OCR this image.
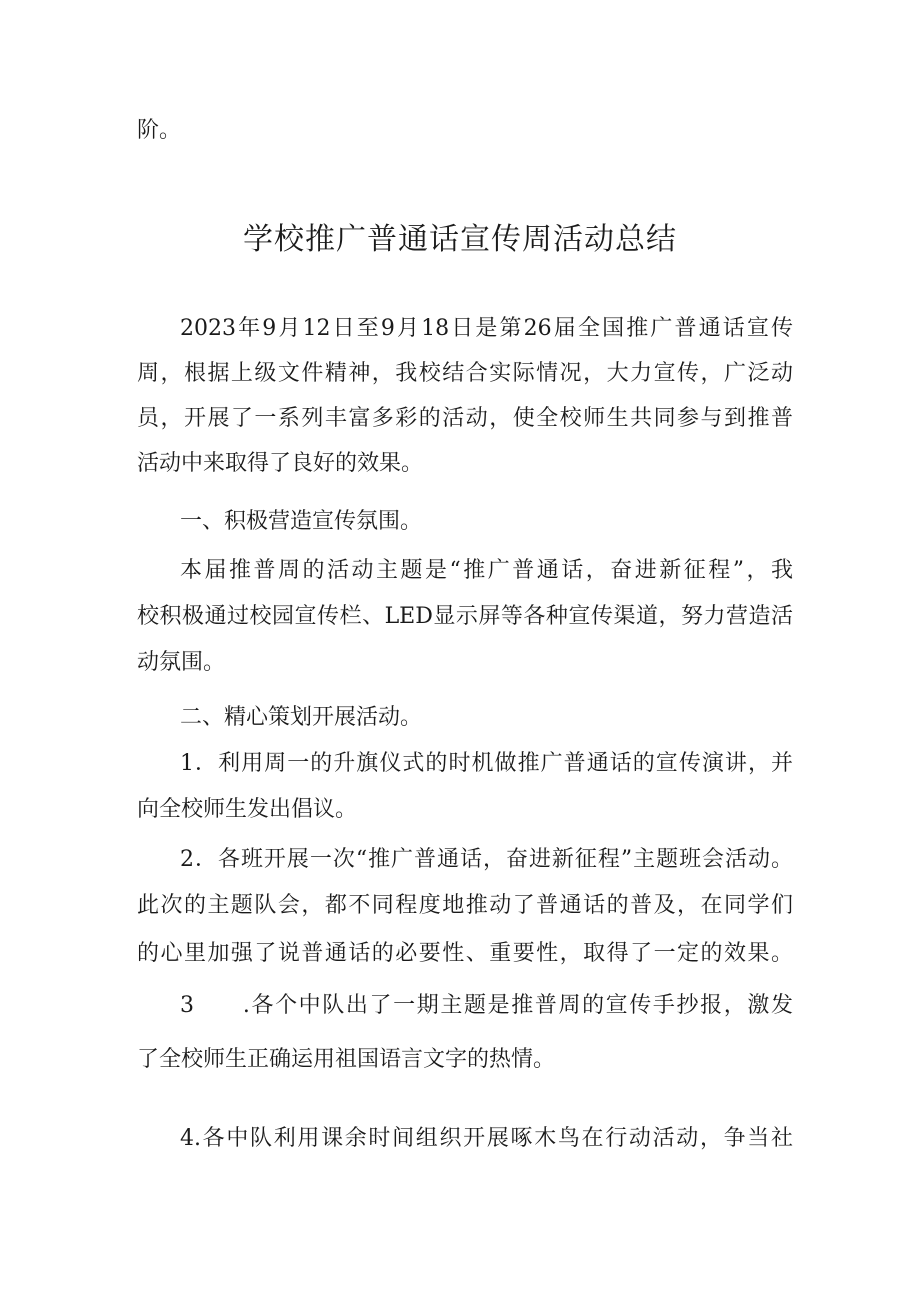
阶。
学校推广普通话宣传周活动总结
2023年9月12日至9月18日是第26届全国推广普通话宣传
周，根据上级文件精神，我校结合实际情况，大力宣传，广泛动
员，开展了一系列丰富多彩的活动，使全校师生共同参与到推普
活动中来取得了良好的效果。
一、积极营造宣传氛围。
本届推普周的活动主题是“推广普通话，奋进新征程”，我
校积极通过校园宣传栏、LED显示屏等各种宣传渠道，努力营造活
动氛围。
二、精心策划开展活动。
1．利用周一的升旗仪式的时机做推广普通话的宣传演讲，并
向全校师生发出倡议。
2．各班开展一次“推广普通话，奋进新征程”主题班会活动。
此次的主题队会，都不同程度地推动了普通话的普及，在同学们
的心里加强了说普通话的必要性、重要性，取得了一定的效果。
3　　.各个中队出了一期主题是推普周的宣传手抄报，激发
了全校师生正确运用祖国语言文字的热情。
4.各中队利用课余时间组织开展啄木鸟在行动活动，争当社
